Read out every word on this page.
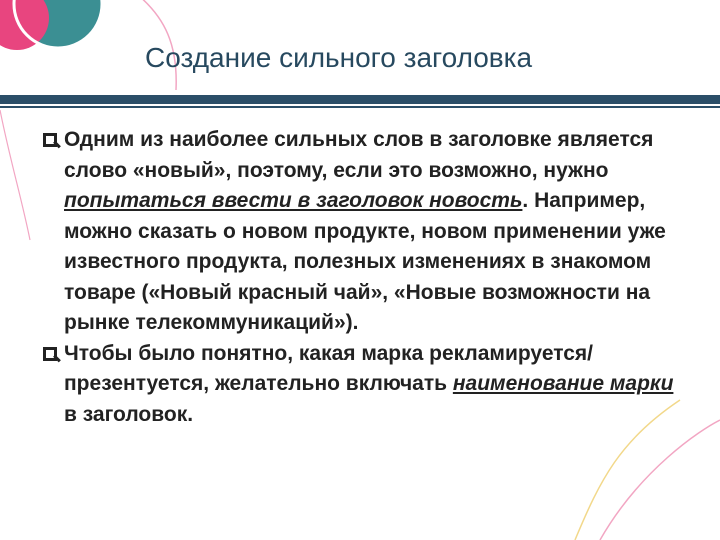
Создание сильного заголовка

Одним из наиболее сильных слов в заголовке является слово «новый», поэтому, если это возможно, нужно попытаться ввести в заголовок новость. Например, можно сказать о новом продукте, новом применении уже известного продукта, полезных изменениях в знакомом товаре («Новый красный чай», «Новые возможности на рынке телекоммуникаций»).

Чтобы было понятно, какая марка рекламируется/презентуется, желательно включать наименование марки в заголовок.
